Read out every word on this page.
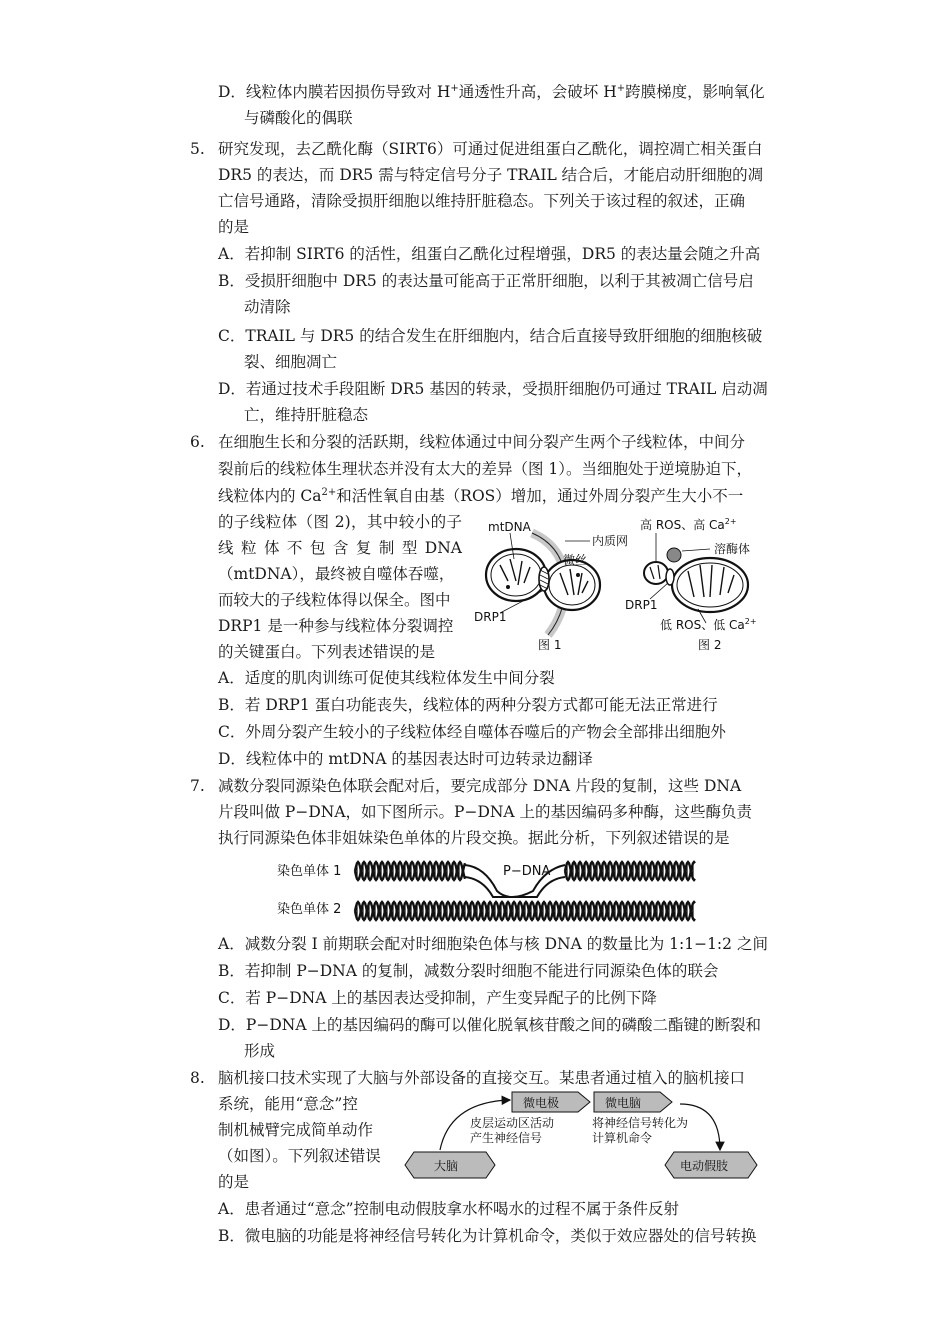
D．线粒体内膜若因损伤导致对 H+通透性升高，会破坏 H+跨膜梯度，影响氧化
与磷酸化的偶联
5. 研究发现，去乙酰化酶（SIRT6）可通过促进组蛋白乙酰化，调控凋亡相关蛋白
DR5 的表达，而 DR5 需与特定信号分子 TRAIL 结合后，才能启动肝细胞的凋
亡信号通路，清除受损肝细胞以维持肝脏稳态。下列关于该过程的叙述，正确
的是
A．若抑制 SIRT6 的活性，组蛋白乙酰化过程增强，DR5 的表达量会随之升高
B．受损肝细胞中 DR5 的表达量可能高于正常肝细胞，以利于其被凋亡信号启
动清除
C．TRAIL 与 DR5 的结合发生在肝细胞内，结合后直接导致肝细胞的细胞核破
裂、细胞凋亡
D．若通过技术手段阻断 DR5 基因的转录，受损肝细胞仍可通过 TRAIL 启动凋
亡，维持肝脏稳态
6. 在细胞生长和分裂的活跃期，线粒体通过中间分裂产生两个子线粒体，中间分
裂前后的线粒体生理状态并没有太大的差异（图 1）。当细胞处于逆境胁迫下，
线粒体内的 $Ca^{2+}$和活性氧自由基（ROS）增加，通过外周分裂产生大小不一
的子线粒体（图 2)，其中较小的子
线 粒 体 不 包 含 复 制 型 DNA
（mtDNA），最终被自噬体吞噬，
而较大的子线粒体得以保全。图中
DRP1 是一种参与线粒体分裂调控
的关键蛋白。下列表述错误的是
mtDNA
内质网
微丝
DRP1
图 1
高 ROS、高 $Ca^{2+}$
溶酶体
DRP1
低 ROS、低 $Ca^{2+}$
图 2
A．适度的肌肉训练可促使其线粒体发生中间分裂
B．若 DRP1 蛋白功能丧失，线粒体的两种分裂方式都可能无法正常进行
C．外周分裂产生较小的子线粒体经自噬体吞噬后的产物会全部排出细胞外
D．线粒体中的 mtDNA 的基因表达时可边转录边翻译
7. 减数分裂同源染色体联会配对后，要完成部分 DNA 片段的复制，这些 DNA
片段叫做 P−DNA，如下图所示。P−DNA 上的基因编码多种酶，这些酶负责
执行同源染色体非姐妹染色单体的片段交换。据此分析，下列叙述错误的是
染色单体 1
染色单体 2
P−DNA
A．减数分裂 I 前期联会配对时细胞染色体与核 DNA 的数量比为 1:1−1:2 之间
B．若抑制 P−DNA 的复制，减数分裂时细胞不能进行同源染色体的联会
C．若 P−DNA 上的基因表达受抑制，产生变异配子的比例下降
D．P−DNA 上的基因编码的酶可以催化脱氧核苷酸之间的磷酸二酯键的断裂和
形成
8. 脑机接口技术实现了大脑与外部设备的直接交互。某患者通过植入的脑机接口
系统，能用“意念”控
制机械臂完成简单动作
（如图）。下列叙述错误
的是
大脑
微电极	微电脑
电动假肢
皮层运动区活动
产生神经信号
将神经信号转化为
计算机命令
A．患者通过“意念”控制电动假肢拿水杯喝水的过程不属于条件反射
B．微电脑的功能是将神经信号转化为计算机命令，类似于效应器处的信号转换
